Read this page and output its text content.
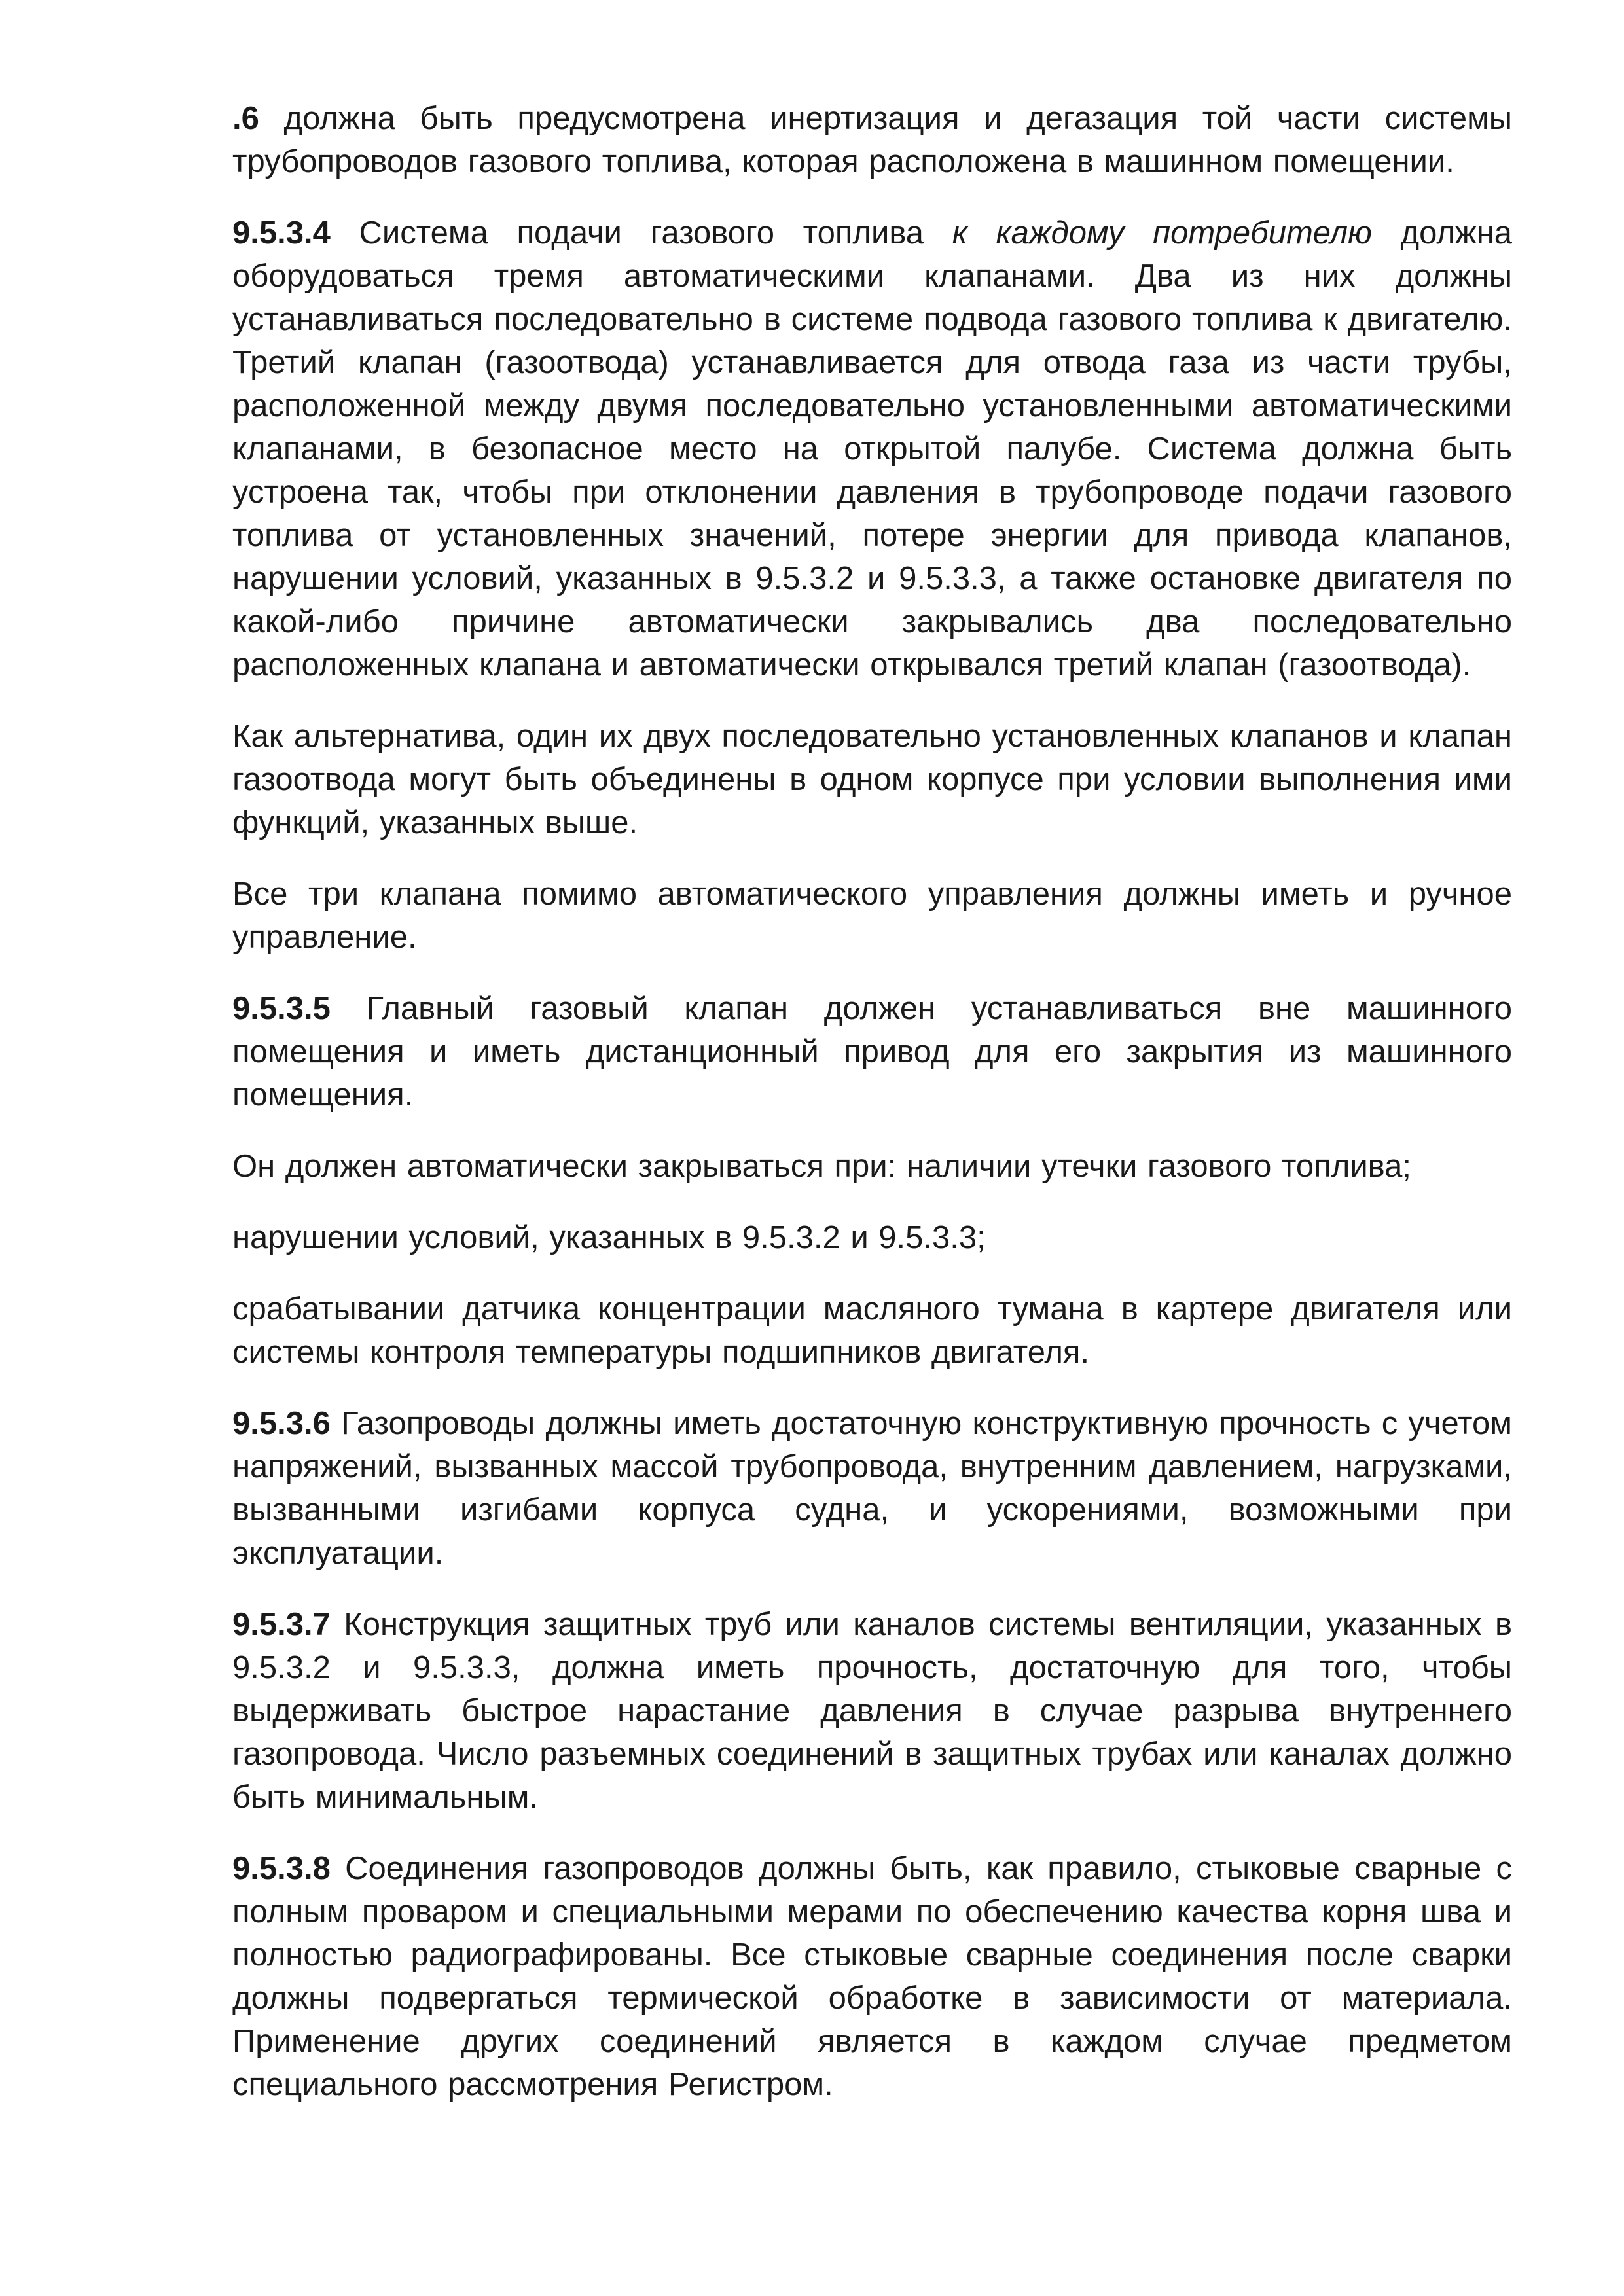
.6 должна быть предусмотрена инертизация и дегазация той части системы трубопроводов газового топлива, которая расположена в машинном помещении.

9.5.3.4 Система подачи газового топлива к каждому потребителю должна оборудоваться тремя автоматическими клапанами. Два из них должны устанавливаться последовательно в системе подвода газового топлива к двигателю. Третий клапан (газоотвода) устанавливается для отвода газа из части трубы, расположенной между двумя последовательно установленными автоматическими клапанами, в безопасное место на открытой палубе. Система должна быть устроена так, чтобы при отклонении давления в трубопроводе подачи газового топлива от установленных значений, потере энергии для привода клапанов, нарушении условий, указанных в 9.5.3.2 и 9.5.3.3, а также остановке двигателя по какой-либо причине автоматически закрывались два последовательно расположенных клапана и автоматически открывался третий клапан (газоотвода).

Как альтернатива, один их двух последовательно установленных клапанов и клапан газоотвода могут быть объединены в одном корпусе при условии выполнения ими функций, указанных выше.

Все три клапана помимо автоматического управления должны иметь и ручное управление.

9.5.3.5 Главный газовый клапан должен устанавливаться вне машинного помещения и иметь дистанционный привод для его закрытия из машинного помещения.

Он должен автоматически закрываться при: наличии утечки газового топлива;

нарушении условий, указанных в 9.5.3.2 и 9.5.3.3;

срабатывании датчика концентрации масляного тумана в картере двигателя или системы контроля температуры подшипников двигателя.

9.5.3.6 Газопроводы должны иметь достаточную конструктивную прочность с учетом напряжений, вызванных массой трубопровода, внутренним давлением, нагрузками, вызванными изгибами корпуса судна, и ускорениями, возможными при эксплуатации.

9.5.3.7 Конструкция защитных труб или каналов системы вентиляции, указанных в 9.5.3.2 и 9.5.3.3, должна иметь прочность, достаточную для того, чтобы выдерживать быстрое нарастание давления в случае разрыва внутреннего газопровода. Число разъемных соединений в защитных трубах или каналах должно быть минимальным.

9.5.3.8 Соединения газопроводов должны быть, как правило, стыковые сварные с полным проваром и специальными мерами по обеспечению качества корня шва и полностью радиографированы. Все стыковые сварные соединения после сварки должны подвергаться термической обработке в зависимости от материала. Применение других соединений является в каждом случае предметом специального рассмотрения Регистром.
